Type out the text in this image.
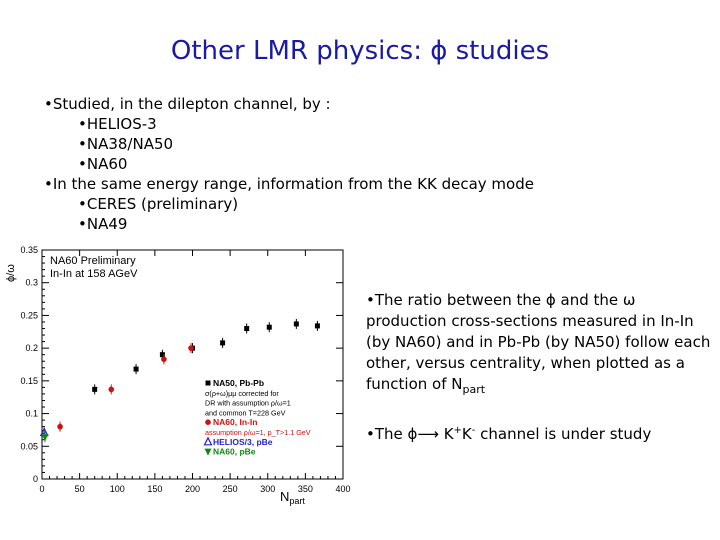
Other LMR physics: ϕ studies
•Studied, in the dilepton channel, by :
•HELIOS-3
•NA38/NA50
•NA60
•In the same energy range, information from the KK decay mode
•CERES (preliminary)
•NA49
0	50	100	150	200	250	300	350	400
0
0.05
0.1
0.15
0.2
0.25
0.3
0.35
NA50, Pb-Pb
σ(ρ+ω)μμ corrected for
DR with assumption ρ/ω=1
and common T=228 GeV
NA60, In-In
assumption ρ/ω=1, p_T>1.1 GeV
HELIOS/3, pBe
NA60, pBe
NA60 Preliminary
In-In at 158 AGeV
ϕ/ω
$N_{part}$
•The ratio between the ϕ and the ω production cross-sections measured in In-In (by NA60) and in Pb-Pb (by NA50) follow each other, versus centrality, when plotted as a function of $N_{part}$
•The ϕ⟶ K+K- channel is under study
